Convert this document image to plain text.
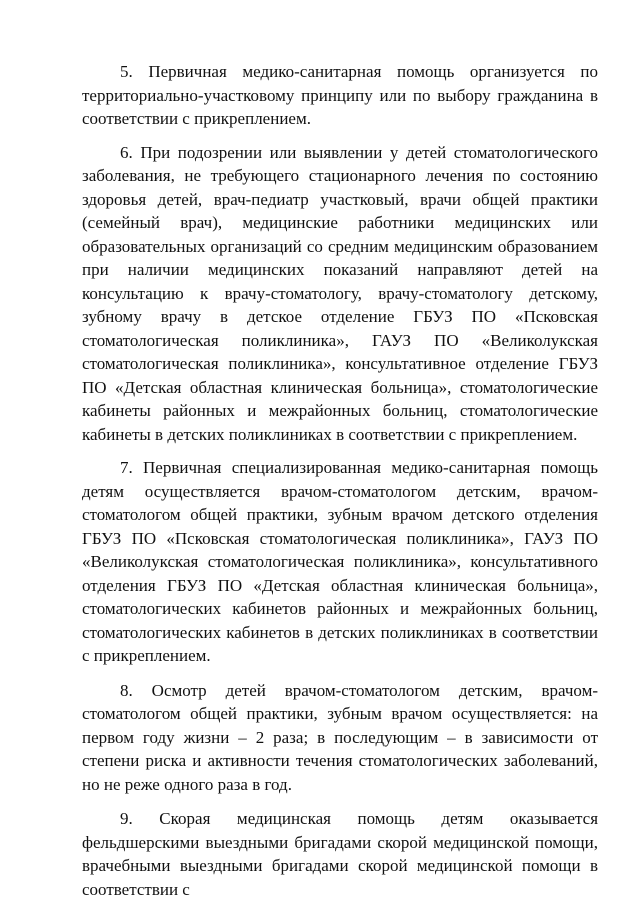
5. Первичная медико-санитарная помощь организуется по территориально-участковому принципу или по выбору гражданина в соответствии с прикреплением.

6. При подозрении или выявлении у детей стоматологического заболевания, не требующего стационарного лечения по состоянию здоровья детей, врач-педиатр участковый, врачи общей практики (семейный врач), медицинские работники медицинских или образовательных организаций со средним медицинским образованием при наличии медицинских показаний направляют детей на консультацию к врачу-стоматологу, врачу-стоматологу детскому, зубному врачу в детское отделение ГБУЗ ПО «Псковская стоматологическая поликлиника», ГАУЗ ПО «Великолукская стоматологическая поликлиника», консультативное отделение ГБУЗ ПО «Детская областная клиническая больница», стоматологические кабинеты районных и межрайонных больниц, стоматологические кабинеты в детских поликлиниках в соответствии с прикреплением.

7. Первичная специализированная медико-санитарная помощь детям осуществляется врачом-стоматологом детским, врачом-стоматологом общей практики, зубным врачом детского отделения ГБУЗ ПО «Псковская стоматологическая поликлиника», ГАУЗ ПО «Великолукская стоматологическая поликлиника», консультативного отделения ГБУЗ ПО «Детская областная клиническая больница», стоматологических кабинетов районных и межрайонных больниц, стоматологических кабинетов в детских поликлиниках в соответствии с прикреплением.

8. Осмотр детей врачом-стоматологом детским, врачом-стоматологом общей практики, зубным врачом осуществляется: на первом году жизни – 2 раза; в последующим – в зависимости от степени риска и активности течения стоматологических заболеваний, но не реже одного раза в год.

9. Скорая медицинская помощь детям оказывается фельдшерскими выездными бригадами скорой медицинской помощи, врачебными выездными бригадами скорой медицинской помощи в соответствии с
